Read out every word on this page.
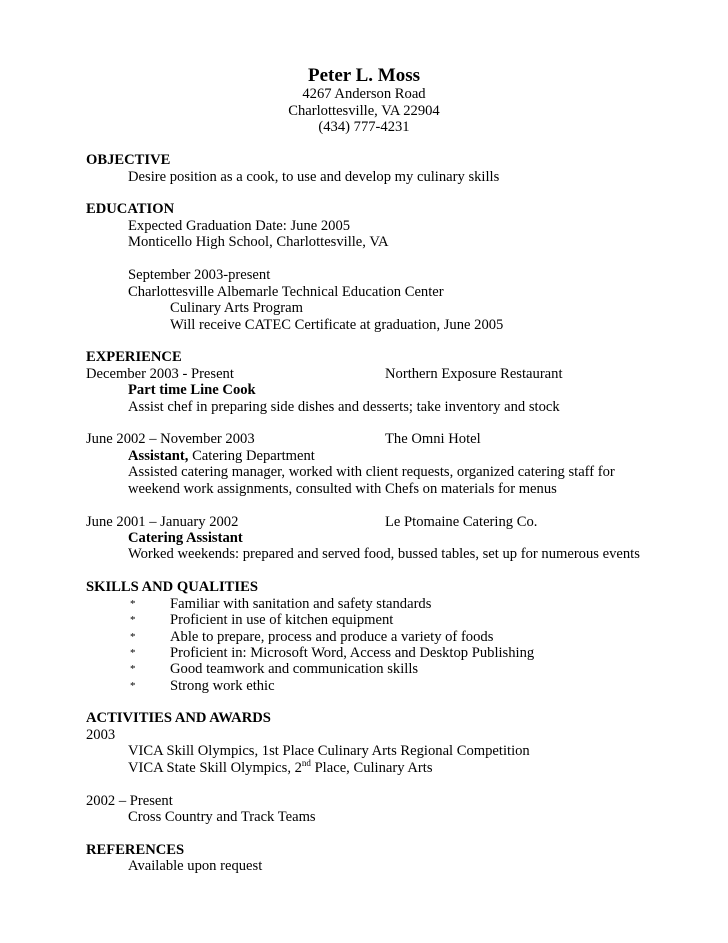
Peter L. Moss
4267 Anderson Road
Charlottesville, VA 22904
(434) 777-4231
OBJECTIVE
Desire position as a cook, to use and develop my culinary skills
EDUCATION
Expected Graduation Date: June 2005
Monticello High School, Charlottesville, VA
September 2003-present
Charlottesville Albemarle Technical Education Center
Culinary Arts Program
Will receive CATEC Certificate at graduation, June 2005
EXPERIENCE
December 2003 - Present	Northern Exposure Restaurant
Part time Line Cook
Assist chef in preparing side dishes and desserts; take inventory and stock
June 2002 – November 2003	The Omni Hotel
Assistant, Catering Department
Assisted catering manager, worked with client requests, organized catering staff for
weekend work assignments, consulted with Chefs on materials for menus
June 2001 – January 2002	Le Ptomaine Catering Co.
Catering Assistant
Worked weekends: prepared and served food, bussed tables, set up for numerous events
SKILLS AND QUALITIES
* Familiar with sanitation and safety standards
* Proficient in use of kitchen equipment
* Able to prepare, process and produce a variety of foods
* Proficient in: Microsoft Word, Access and Desktop Publishing
* Good teamwork and communication skills
* Strong work ethic
ACTIVITIES AND AWARDS
2003
VICA Skill Olympics, 1st Place Culinary Arts Regional Competition
VICA State Skill Olympics, 2nd Place, Culinary Arts
2002 – Present
Cross Country and Track Teams
REFERENCES
Available upon request
